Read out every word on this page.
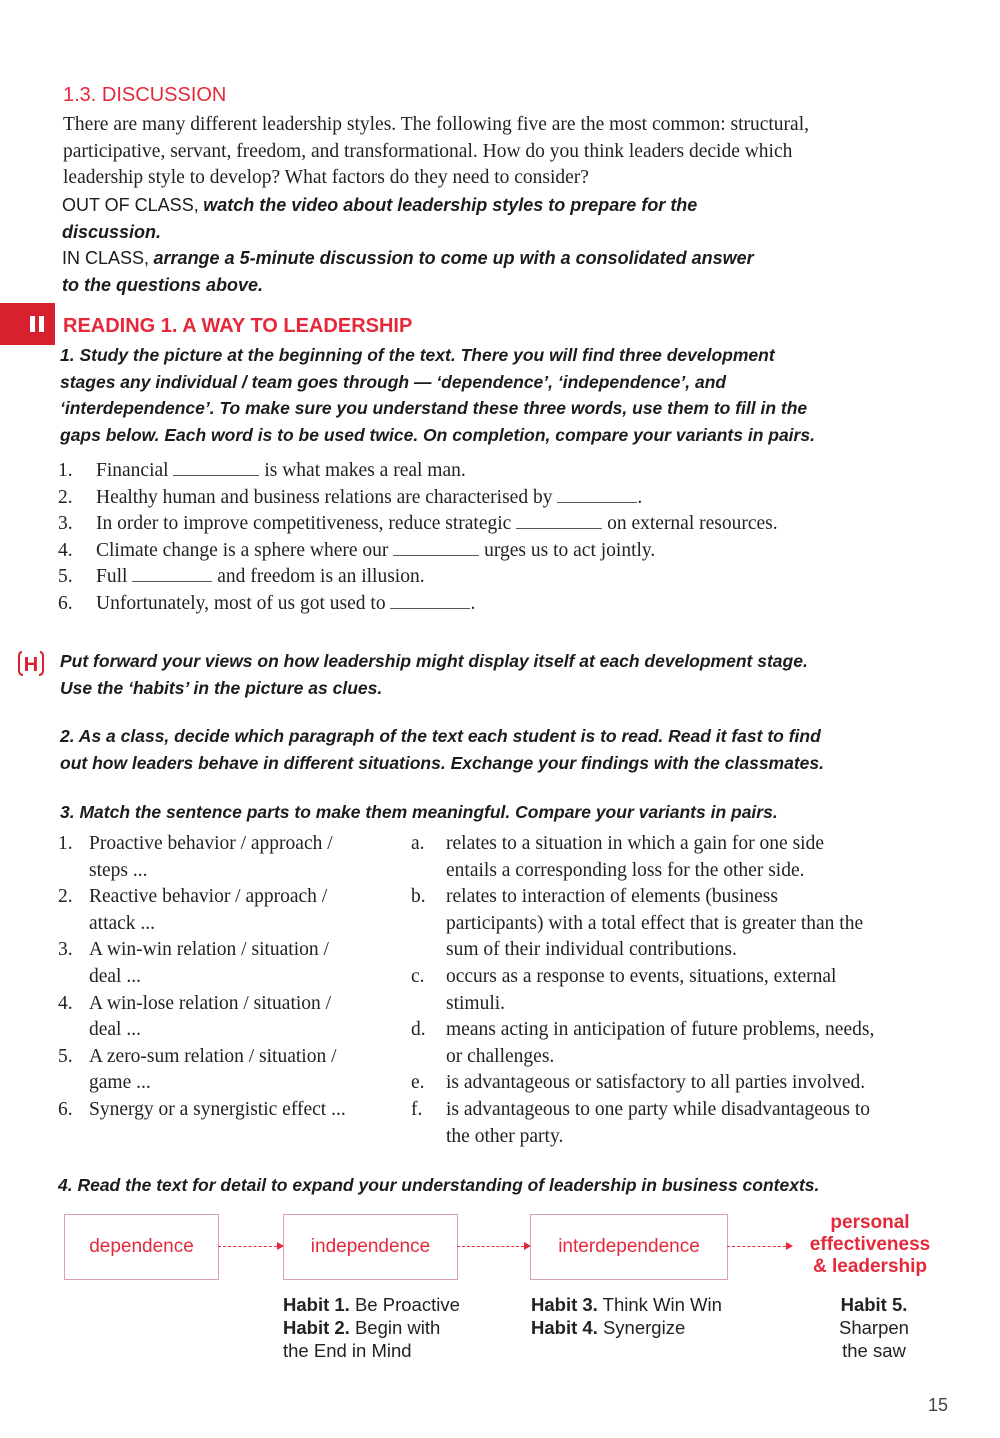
1.3. DISCUSSION
There are many different leadership styles. The following five are the most common: structural,
participative, servant, freedom, and transformational. How do you think leaders decide which
leadership style to develop? What factors do they need to consider?
OUT OF CLASS, watch the video about leadership styles to prepare for the
discussion.
IN CLASS, arrange a 5-minute discussion to come up with a consolidated answer
to the questions above.
READING 1. A WAY TO LEADERSHIP
1. Study the picture at the beginning of the text. There you will find three development
stages any individual / team goes through — ‘dependence’, ‘independence’, and
‘interdependence’. To make sure you understand these three words, use them to fill in the
gaps below. Each word is to be used twice. On completion, compare your variants in pairs.
1. Financial	is what makes a real man.
2. Healthy human and business relations are characterised by	.
3. In order to improve competitiveness, reduce strategic	on external resources.
4. Climate change is a sphere where our	urges us to act jointly.
5. Full	and freedom is an illusion.
6. Unfortunately, most of us got used to	.
H Put forward your views on how leadership might display itself at each development stage.
Use the ‘habits’ in the picture as clues.
2. As a class, decide which paragraph of the text each student is to read. Read it fast to find
out how leaders behave in different situations. Exchange your findings with the classmates.
3. Match the sentence parts to make them meaningful. Compare your variants in pairs.
1. Proactive behavior / approach /
steps ...
2. Reactive behavior / approach /
attack ...
3. A win-win relation / situation /
deal ...
4. A win-lose relation / situation /
deal ...
5. A zero-sum relation / situation /
game ...
6. Synergy or a synergistic effect ...
a. relates to a situation in which a gain for one side
entails a corresponding loss for the other side.
b. relates to interaction of elements (business
participants) with a total effect that is greater than the
sum of their individual contributions.
c. occurs as a response to events, situations, external
stimuli.
d. means acting in anticipation of future problems, needs,
or challenges.
e. is advantageous or satisfactory to all parties involved.
f. is advantageous to one party while disadvantageous to
the other party.
4. Read the text for detail to expand your understanding of leadership in business contexts.
dependence	independence	interdependence
personal
effectiveness
& leadership
Habit 1. Be Proactive
Habit 2. Begin with
the End in Mind
Habit 3. Think Win Win
Habit 4. Synergize
Habit 5.
Sharpen
the saw
15
